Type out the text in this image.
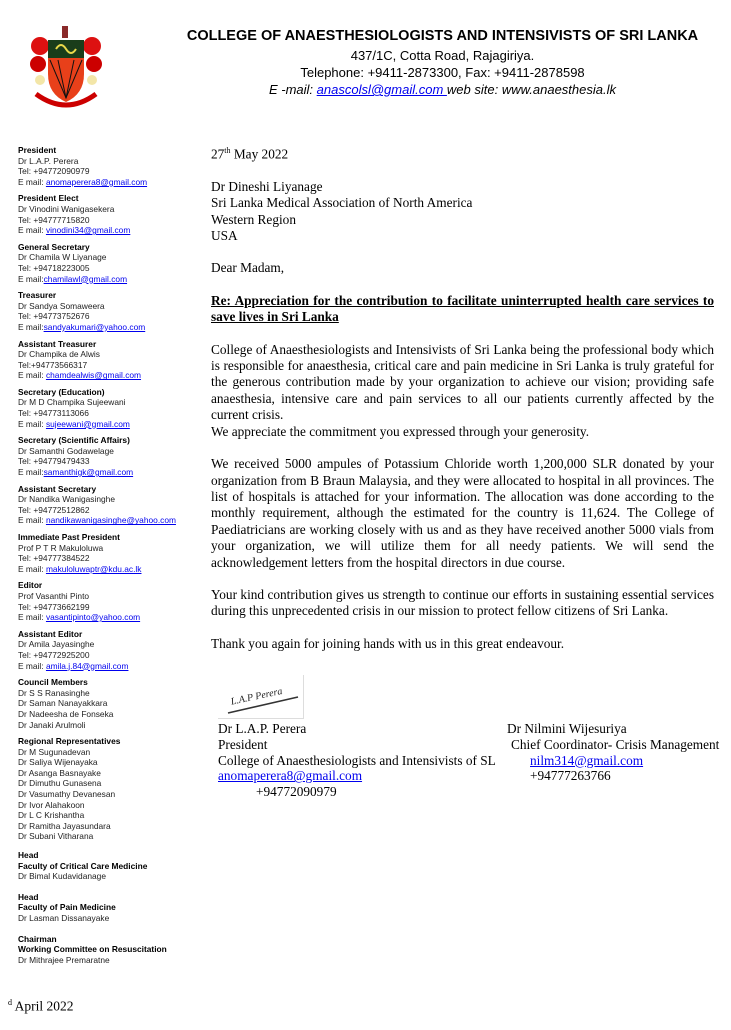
COLLEGE OF ANAESTHESIOLOGISTS AND INTENSIVISTS OF SRI LANKA
437/1C, Cotta Road, Rajagiriya.
Telephone: +9411-2873300, Fax: +9411-2878598
E -mail: anascolsl@gmail.com web site: www.anaesthesia.lk
President
Dr L.A.P. Perera
Tel: +94772090979
E mail: anomaperera8@gmail.com
President Elect
Dr Vinodini Wanigasekera
Tel: +94777715820
E mail: vinodini34@gmail.com
General Secretary
Dr Chamila W Liyanage
Tel: +94718223005
E mail:chamilawl@gmail.com
Treasurer
Dr Sandya Somaweera
Tel: +94773752676
E mail:sandyakumari@yahoo.com
Assistant Treasurer
Dr Champika de Alwis
Tel:+94773566317
E mail: chamdealwis@gmail.com
Secretary (Education)
Dr M D Champika Sujeewani
Tel: +94773113066
E mail: sujeewani@gmail.com
Secretary (Scientific Affairs)
Dr Samanthi Godawelage
Tel: +94779479433
E mail:samanthigk@gmail.com
Assistant Secretary
Dr Nandika Wanigasinghe
Tel: +94772512862
E mail: nandikawanigasinghe@yahoo.com
Immediate Past President
Prof P T R Makuloluwa
Tel: +94777384522
E mail: makuloluwaptr@kdu.ac.lk
Editor
Prof Vasanthi Pinto
Tel: +94773662199
E mail: vasantipinto@yahoo.com
Assistant Editor
Dr Amila Jayasinghe
Tel: +94772925200
E mail: amila.j.84@gmail.com
Council Members
Dr S S Ranasinghe
Dr Saman Nanayakkara
Dr Nadeesha de Fonseka
Dr Janaki Arulmoli
Regional Representatives
Dr M Sugunadevan
Dr Saliya Wijenayaka
Dr Asanga Basnayake
Dr Dimuthu Gunasena
Dr Vasumathy Devanesan
Dr Ivor Alahakoon
Dr L C Krishantha
Dr Ramitha Jayasundara
Dr Subani Vitharana
Head
Faculty of Critical Care Medicine
Dr Bimal Kudavidanage
Head
Faculty of Pain Medicine
Dr Lasman Dissanayake
Chairman
Working Committee on Resuscitation
Dr Mithrajee Premaratne
27th May 2022
Dr Dineshi Liyanage
Sri Lanka Medical Association of North America
Western Region
USA
Dear Madam,
Re: Appreciation for the contribution to facilitate uninterrupted health care services to save lives in Sri Lanka
College of Anaesthesiologists and Intensivists of Sri Lanka being the professional body which is responsible for anaesthesia, critical care and pain medicine in Sri Lanka is truly grateful for the generous contribution made by your organization to achieve our vision; providing safe anaesthesia, intensive care and pain services to all our patients currently affected by the current crisis.
We appreciate the commitment you expressed through your generosity.
We received 5000 ampules of Potassium Chloride worth 1,200,000 SLR donated by your organization from B Braun Malaysia, and they were allocated to hospital in all provinces. The list of hospitals is attached for your information. The allocation was done according to the monthly requirement, although the estimated for the country is 11,624. The College of Paediatricians are working closely with us and as they have received another 5000 vials from your organization, we will utilize them for all needy patients. We will send the acknowledgement letters from the hospital directors in due course.
Your kind contribution gives us strength to continue our efforts in sustaining essential services during this unprecedented crisis in our mission to protect fellow citizens of Sri Lanka.
Thank you again for joining hands with us in this great endeavour.
L.A.P Perera
Dr L.A.P. Perera
President
College of Anaesthesiologists and Intensivists of SL
anomaperera8@gmail.com
+94772090979
Dr Nilmini Wijesuriya
Chief Coordinator- Crisis Management
nilm314@gmail.com
+94777263766
$^d$ April 2022
